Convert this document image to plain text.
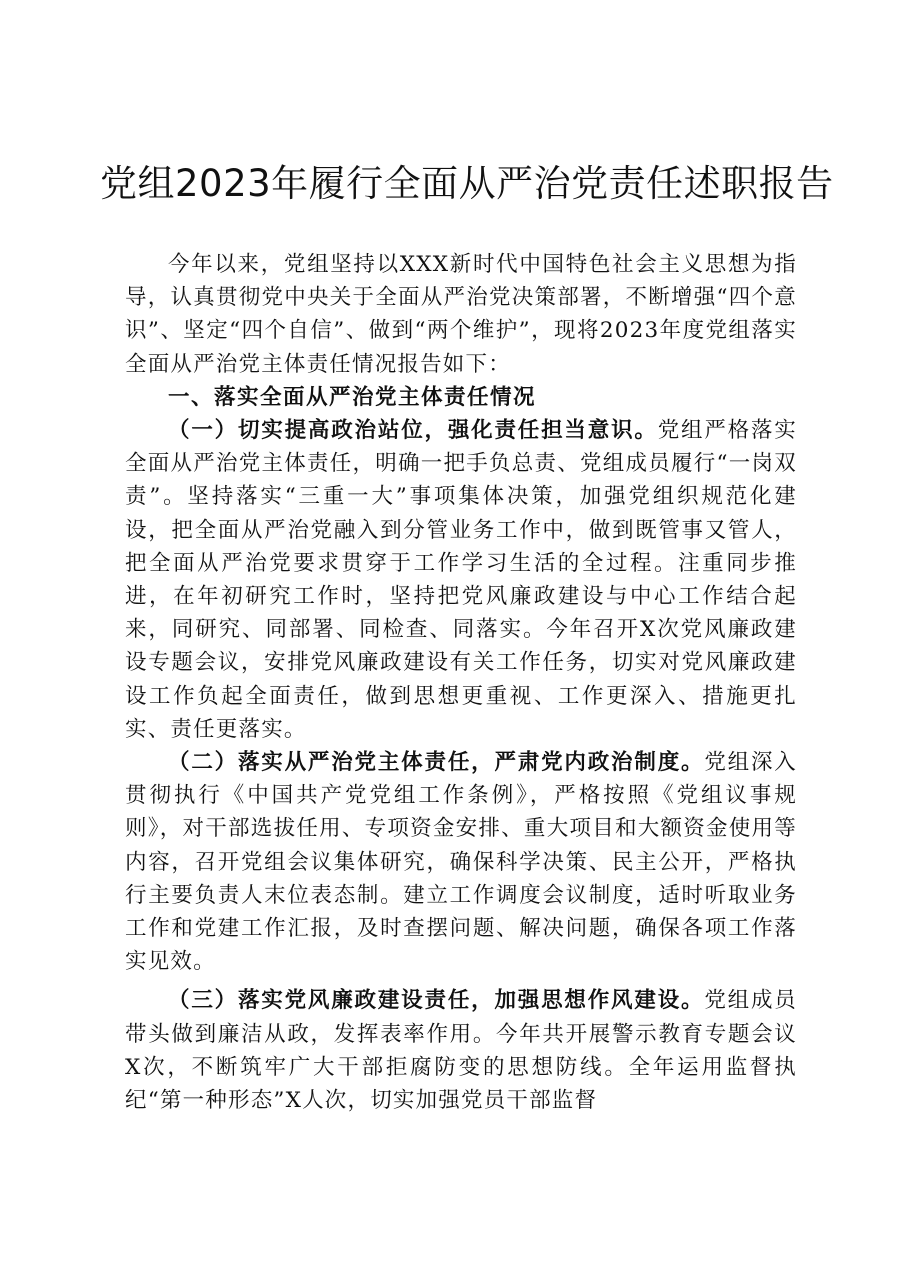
党组2023年履行全面从严治党责任述职报告

今年以来，党组坚持以XXX新时代中国特色社会主义思想为指导，认真贯彻党中央关于全面从严治党决策部署，不断增强“四个意识”、坚定“四个自信”、做到“两个维护”，现将2023年度党组落实全面从严治党主体责任情况报告如下：

一、落实全面从严治党主体责任情况

（一）切实提高政治站位，强化责任担当意识。党组严格落实全面从严治党主体责任，明确一把手负总责、党组成员履行“一岗双责”。坚持落实“三重一大”事项集体决策，加强党组织规范化建设，把全面从严治党融入到分管业务工作中，做到既管事又管人，把全面从严治党要求贯穿于工作学习生活的全过程。注重同步推进，在年初研究工作时，坚持把党风廉政建设与中心工作结合起来，同研究、同部署、同检查、同落实。今年召开X次党风廉政建设专题会议，安排党风廉政建设有关工作任务，切实对党风廉政建设工作负起全面责任，做到思想更重视、工作更深入、措施更扎实、责任更落实。

（二）落实从严治党主体责任，严肃党内政治制度。党组深入贯彻执行《中国共产党党组工作条例》，严格按照《党组议事规则》，对干部选拔任用、专项资金安排、重大项目和大额资金使用等内容，召开党组会议集体研究，确保科学决策、民主公开，严格执行主要负责人末位表态制。建立工作调度会议制度，适时听取业务工作和党建工作汇报，及时查摆问题、解决问题，确保各项工作落实见效。

（三）落实党风廉政建设责任，加强思想作风建设。党组成员带头做到廉洁从政，发挥表率作用。今年共开展警示教育专题会议X次，不断筑牢广大干部拒腐防变的思想防线。全年运用监督执纪“第一种形态”X人次，切实加强党员干部监督
